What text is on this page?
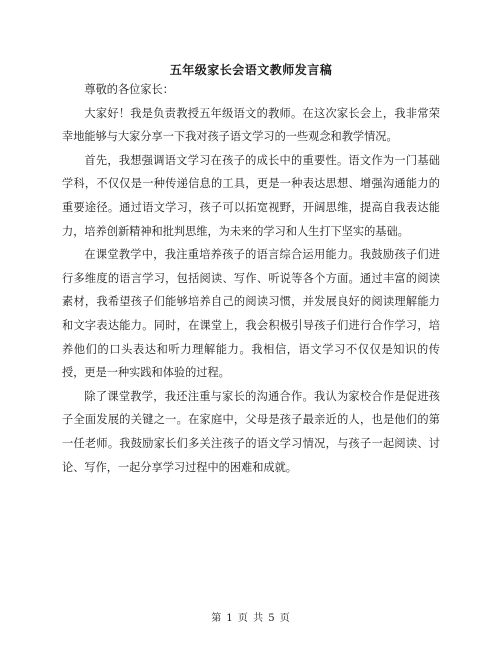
五年级家长会语文教师发言稿

尊敬的各位家长：

大家好！我是负责教授五年级语文的教师。在这次家长会上，我非常荣幸地能够与大家分享一下我对孩子语文学习的一些观念和教学情况。

首先，我想强调语文学习在孩子的成长中的重要性。语文作为一门基础学科，不仅仅是一种传递信息的工具，更是一种表达思想、增强沟通能力的重要途径。通过语文学习，孩子可以拓宽视野，开阔思维，提高自我表达能力，培养创新精神和批判思维，为未来的学习和人生打下坚实的基础。

在课堂教学中，我注重培养孩子的语言综合运用能力。我鼓励孩子们进行多维度的语言学习，包括阅读、写作、听说等各个方面。通过丰富的阅读素材，我希望孩子们能够培养自己的阅读习惯，并发展良好的阅读理解能力和文字表达能力。同时，在课堂上，我会积极引导孩子们进行合作学习，培养他们的口头表达和听力理解能力。我相信，语文学习不仅仅是知识的传授，更是一种实践和体验的过程。

除了课堂教学，我还注重与家长的沟通合作。我认为家校合作是促进孩子全面发展的关键之一。在家庭中，父母是孩子最亲近的人，也是他们的第一任老师。我鼓励家长们多关注孩子的语文学习情况，与孩子一起阅读、讨论、写作，一起分享学习过程中的困难和成就。

第 1 页 共 5 页
